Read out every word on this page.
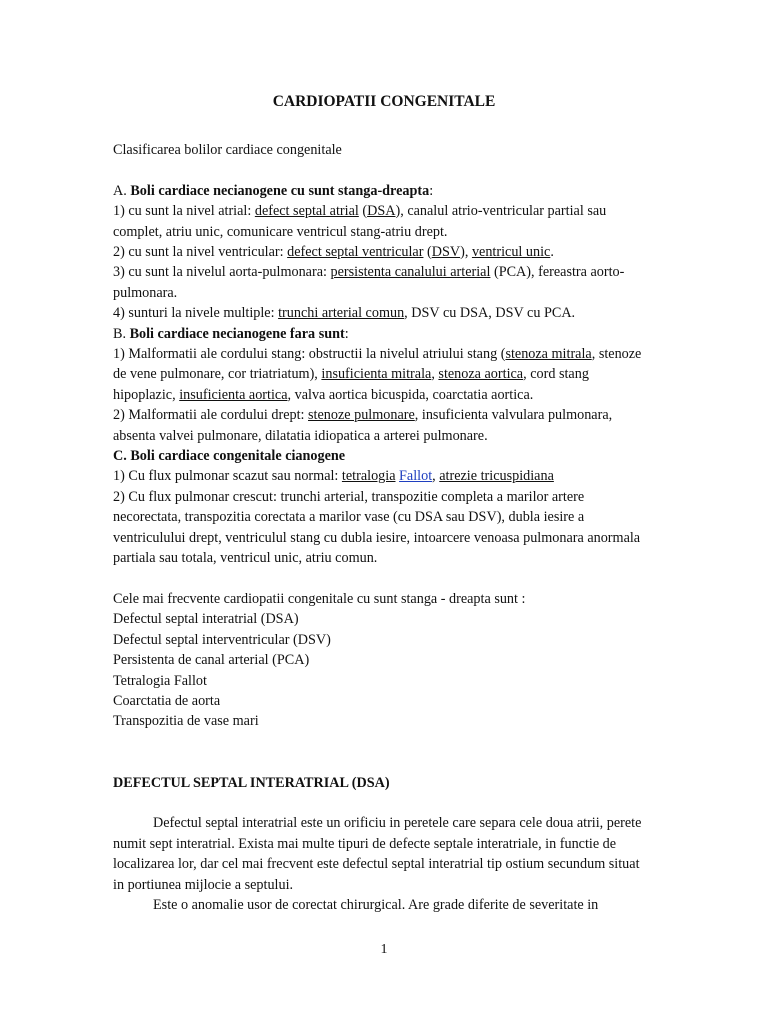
CARDIOPATII CONGENITALE

Clasificarea bolilor cardiace congenitale

A. Boli cardiace necianogene cu sunt stanga-dreapta:

1) cu sunt la nivel atrial: defect septal atrial (DSA), canalul atrio-ventricular partial sau complet, atriu unic, comunicare ventricul stang-atriu drept.

2) cu sunt la nivel ventricular: defect septal ventricular (DSV), ventricul unic.

3) cu sunt la nivelul aorta-pulmonara: persistenta canalului arterial (PCA), fereastra aorto-pulmonara.

4) sunturi la nivele multiple: trunchi arterial comun, DSV cu DSA, DSV cu PCA.

B. Boli cardiace necianogene fara sunt:

1) Malformatii ale cordului stang: obstructii la nivelul atriului stang (stenoza mitrala, stenoze de vene pulmonare, cor triatriatum), insuficienta mitrala, stenoza aortica, cord stang hipoplazic, insuficienta aortica, valva aortica bicuspida, coarctatia aortica.

2) Malformatii ale cordului drept: stenoze pulmonare, insuficienta valvulara pulmonara, absenta valvei pulmonare, dilatatia idiopatica a arterei pulmonare.

C. Boli cardiace congenitale cianogene

1) Cu flux pulmonar scazut sau normal: tetralogia Fallot, atrezie tricuspidiana

2) Cu flux pulmonar crescut: trunchi arterial, transpozitie completa a marilor artere necorectata, transpozitia corectata a marilor vase (cu DSA sau DSV), dubla iesire a ventriculului drept, ventriculul stang cu dubla iesire, intoarcere venoasa pulmonara anormala partiala sau totala, ventricul unic, atriu comun.

Cele mai frecvente cardiopatii congenitale cu sunt stanga - dreapta sunt :

Defectul septal interatrial (DSA)

Defectul septal interventricular (DSV)

Persistenta de canal arterial (PCA)

Tetralogia Fallot

Coarctatia de aorta

Transpozitia de vase mari

DEFECTUL SEPTAL INTERATRIAL (DSA)

Defectul septal interatrial este un orificiu in peretele care separa cele doua atrii, perete numit sept interatrial. Exista mai multe tipuri de defecte septale interatriale, in functie de localizarea lor, dar cel mai frecvent este defectul septal interatrial tip ostium secundum situat in portiunea mijlocie a septului.

Este o anomalie usor de corectat chirurgical. Are grade diferite de severitate in

1
